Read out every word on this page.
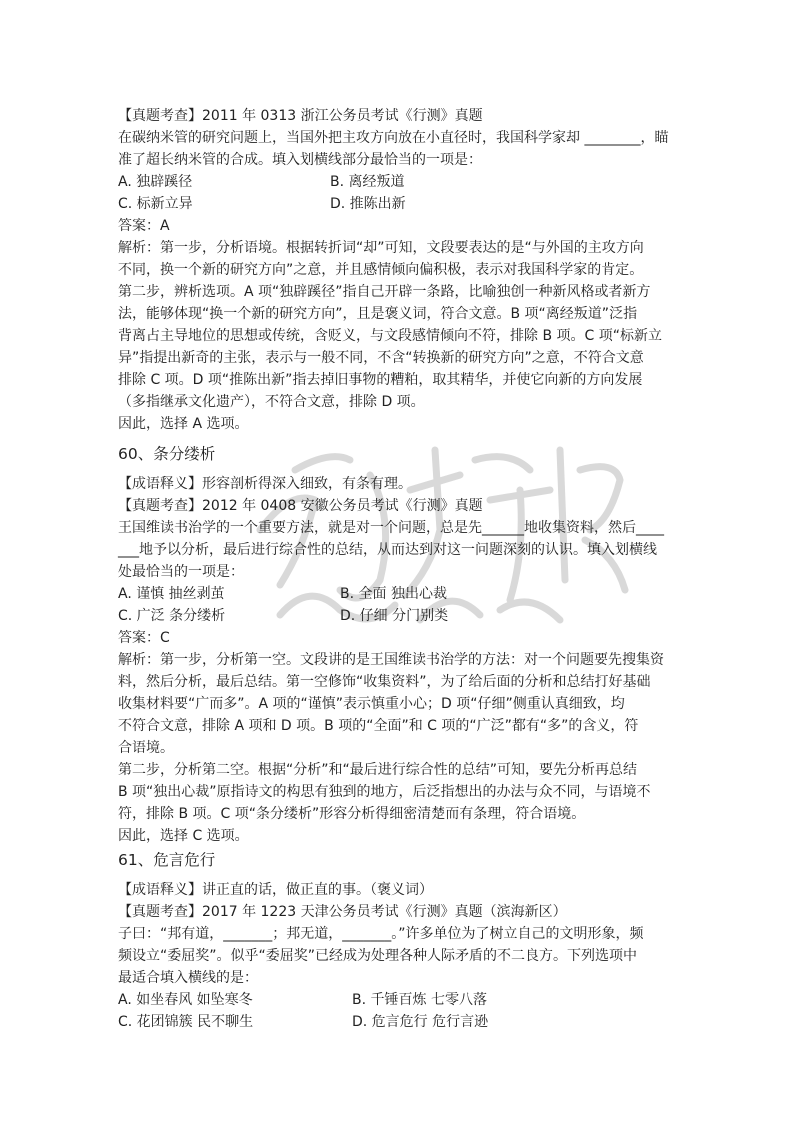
【真题考查】2011 年 0313 浙江公务员考试《行测》真题
在碳纳米管的研究问题上，当国外把主攻方向放在小直径时，我国科学家却 ________，瞄
准了超长纳米管的合成。填入划横线部分最恰当的一项是：
A. 独辟蹊径	B. 离经叛道
C. 标新立异	D. 推陈出新
答案：A
解析：第一步，分析语境。根据转折词“却”可知，文段要表达的是“与外国的主攻方向
不同，换一个新的研究方向”之意，并且感情倾向偏积极，表示对我国科学家的肯定。
第二步，辨析选项。A 项“独辟蹊径”指自己开辟一条路，比喻独创一种新风格或者新方
法，能够体现“换一个新的研究方向”，且是褒义词，符合文意。B 项“离经叛道”泛指
背离占主导地位的思想或传统，含贬义，与文段感情倾向不符，排除 B 项。C 项“标新立
异”指提出新奇的主张，表示与一般不同，不含“转换新的研究方向”之意，不符合文意
排除 C 项。D 项“推陈出新”指去掉旧事物的糟粕，取其精华，并使它向新的方向发展
（多指继承文化遗产），不符合文意，排除 D 项。
因此，选择 A 选项。
60、条分缕析
【成语释义】形容剖析得深入细致，有条有理。
【真题考查】2012 年 0408 安徽公务员考试《行测》真题
王国维读书治学的一个重要方法，就是对一个问题，总是先______地收集资料，然后____
___地予以分析，最后进行综合性的总结，从而达到对这一问题深刻的认识。填入划横线
处最恰当的一项是：
A. 谨慎 抽丝剥茧	B. 全面 独出心裁
C. 广泛 条分缕析	D. 仔细 分门别类
答案：C
解析：第一步，分析第一空。文段讲的是王国维读书治学的方法：对一个问题要先搜集资
料，然后分析，最后总结。第一空修饰“收集资料”，为了给后面的分析和总结打好基础
收集材料要“广而多”。A 项的“谨慎”表示慎重小心；D 项“仔细”侧重认真细致，均
不符合文意，排除 A 项和 D 项。B 项的“全面”和 C 项的“广泛”都有“多”的含义，符
合语境。
第二步，分析第二空。根据“分析”和“最后进行综合性的总结”可知，要先分析再总结
B 项“独出心裁”原指诗文的构思有独到的地方，后泛指想出的办法与众不同，与语境不
符，排除 B 项。C 项“条分缕析”形容分析得细密清楚而有条理，符合语境。
因此，选择 C 选项。
61、危言危行
【成语释义】讲正直的话，做正直的事。（褒义词）
【真题考查】2017 年 1223 天津公务员考试《行测》真题（滨海新区）
子曰：“邦有道，_______；邦无道，_______。”许多单位为了树立自己的文明形象，频
频设立“委屈奖”。似乎“委屈奖”已经成为处理各种人际矛盾的不二良方。下列选项中
最适合填入横线的是：
A. 如坐春风 如坠寒冬	B. 千锤百炼 七零八落
C. 花团锦簇 民不聊生	D. 危言危行 危行言逊
